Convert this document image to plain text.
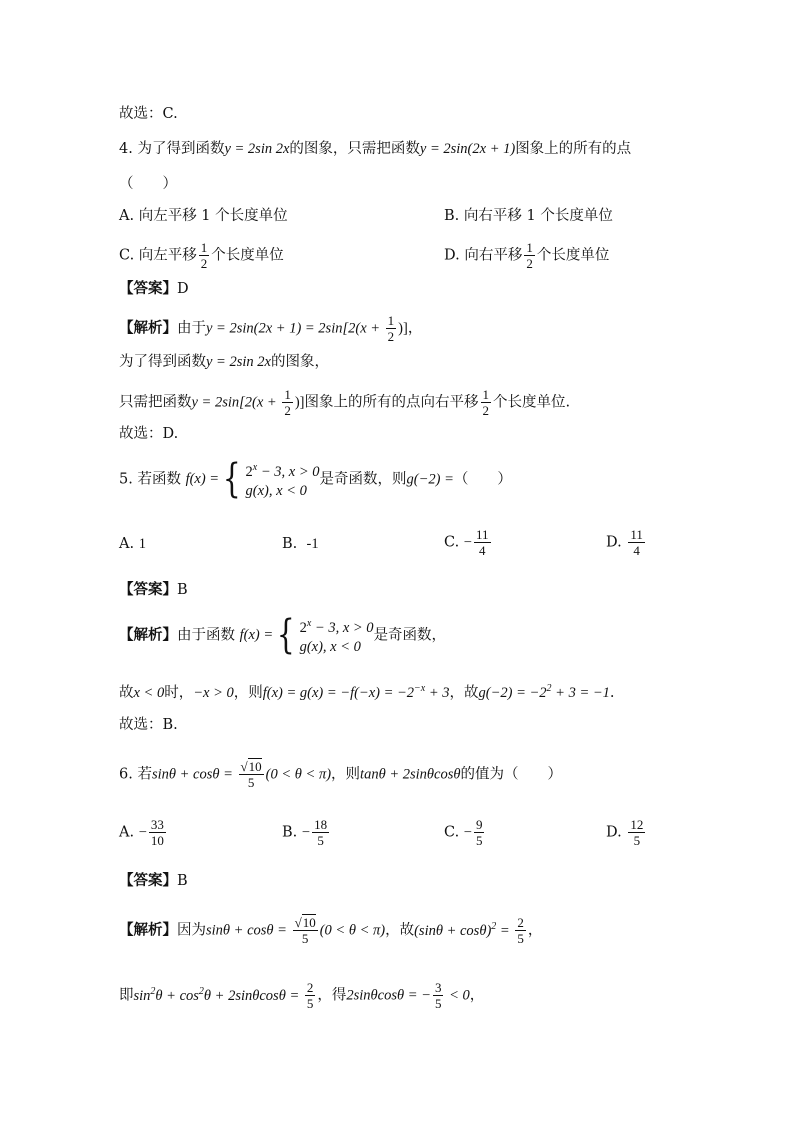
故选：C.
4. 为了得到函数y = 2sin 2x的图象，只需把函数y = 2sin(2x + 1)图象上的所有的点
（　　）
A. 向左平移 1 个长度单位	B. 向右平移 1 个长度单位
C. 向左平移 $\frac{1}{2}$ 个长度单位	D. 向右平移 $\frac{1}{2}$ 个长度单位
【答案】D
【解析】由于$y = 2\sin(2x + 1) = 2\sin[2(x + \frac{1}{2}$ )]，
为了得到函数y = 2sin 2x的图象，
只需把函数$y = 2\sin[2(x + \frac{1}{2}$ )]图象上的所有的点向右平移 $\frac{1}{2}$ 个长度单位.
故选：D.
5. 若函数 f(x) = { $2^x - 3$, x > 0
g(x), x < 0
是奇函数，则g(−2) =（　　）
A. 1	B. -1	C. − $\frac{11}{4}$	D. $\frac{11}{4}$
【答案】B
【解析】由于函数 f(x) = { $2^x - 3$, x > 0
g(x), x < 0
是奇函数，
故x < 0时，−x > 0，则$f(x) = g(x) = -f(-x) = -2^{-x} + 3$，故$g(-2) = -2^2 + 3 = -1$.
故选：B.
6. 若$\sin\theta + \cos\theta = \frac{√10}{5} (0 < \theta < \pi)$，则tanθ + 2sinθcosθ的值为（　　）
A. − $\frac{33}{10}$	B. − $\frac{18}{5}$	C. − $\frac{9}{5}$	D. $\frac{12}{5}$
【答案】B
【解析】因为$\sin\theta + \cos\theta = \frac{√10}{5} (0 < \theta < \pi)$，故$(\sin\theta + \cos\theta)^2 = \frac{2}{5}$ ，
即$\sin^2\theta + \cos^2\theta + 2\sin\theta\cos\theta = \frac{2}{5}$ ，得2sinθcosθ = − $\frac{3}{5} < 0$，
